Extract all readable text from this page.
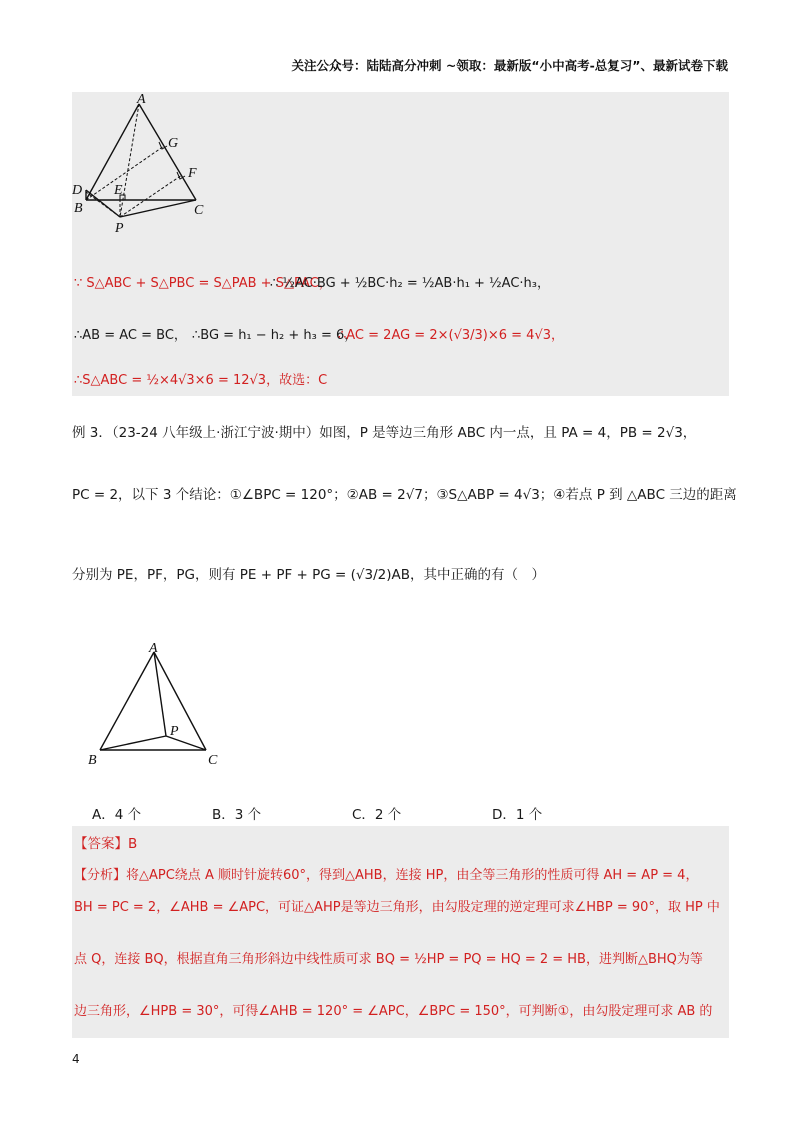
关注公众号：陆陆高分冲刺 ~领取：最新版“小中高考-总复习”、最新试卷下载
A
G
F
D E
B	C
P
∵ S△ABC + S△PBC = S△PAB + S△PAC，
∴ ½AC·BG + ½BC·h₂ = ½AB·h₁ + ½AC·h₃，
∴AB = AC = BC， ∴BG = h₁ − h₂ + h₃ = 6，
∴AC = 2AG = 2×(√3/3)×6 = 4√3，
∴S△ABC = ½×4√3×6 = 12√3，故选：C
例 3．（23-24 八年级上·浙江宁波·期中）如图，P 是等边三角形 ABC 内一点，且 PA = 4，PB = 2√3，
PC = 2，以下 3 个结论：①∠BPC = 120°；②AB = 2√7；③S△ABP = 4√3；④若点 P 到 △ABC 三边的距离
分别为 PE，PF，PG，则有 PE + PF + PG = (√3/2)AB，其中正确的有（　）
A
P
B	C
A．4 个	B．3 个	C．2 个	D．1 个
【答案】B
【分析】将△APC绕点 A 顺时针旋转60°，得到△AHB，连接 HP，由全等三角形的性质可得 AH = AP = 4，
BH = PC = 2，∠AHB = ∠APC，可证△AHP是等边三角形，由勾股定理的逆定理可求∠HBP = 90°，取 HP 中
点 Q，连接 BQ，根据直角三角形斜边中线性质可求 BQ = ½HP = PQ = HQ = 2 = HB，进判断△BHQ为等
边三角形，∠HPB = 30°，可得∠AHB = 120° = ∠APC，∠BPC = 150°，可判断①，由勾股定理可求 AB 的
4
